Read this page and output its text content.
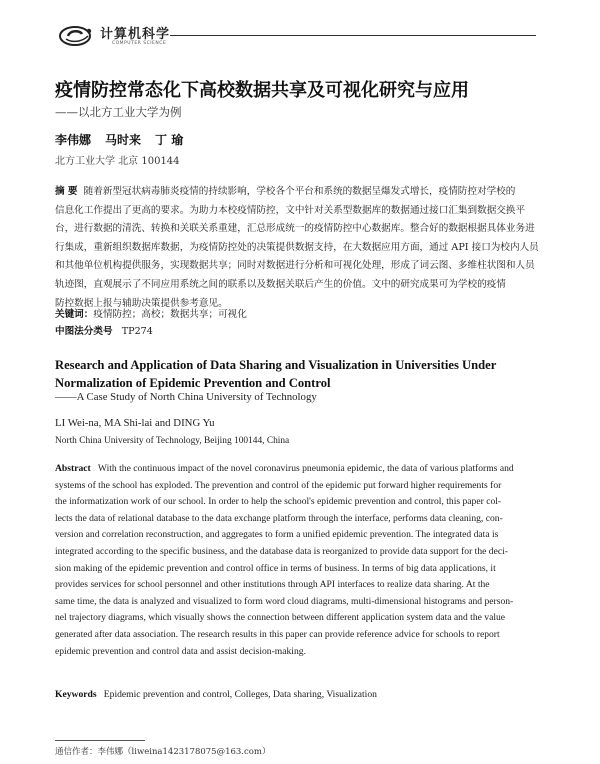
计算机科学
COMPUTER SCIENCE
疫情防控常态化下高校数据共享及可视化研究与应用
——以北方工业大学为例
李伟娜 马时来 丁 瑜
北方工业大学 北京 100144
摘 要 随着新型冠状病毒肺炎疫情的持续影响，学校各个平台和系统的数据呈爆发式增长，疫情防控对学校的
信息化工作提出了更高的要求。为助力本校疫情防控，文中针对关系型数据库的数据通过接口汇集到数据交换平
台，进行数据的清洗、转换和关联关系重建，汇总形成统一的疫情防控中心数据库。整合好的数据根据具体业务进
行集成，重新组织数据库数据，为疫情防控处的决策提供数据支持，在大数据应用方面，通过 API 接口为校内人员
和其他单位机构提供服务，实现数据共享；同时对数据进行分析和可视化处理，形成了词云图、多维柱状图和人员
轨迹图，直观展示了不同应用系统之间的联系以及数据关联后产生的价值。文中的研究成果可为学校的疫情
防控数据上报与辅助决策提供参考意见。
关键词：疫情防控；高校；数据共享；可视化
中图法分类号 TP274
Research and Application of Data Sharing and Visualization in Universities Under Normalization of Epidemic Prevention and Control
——A Case Study of North China University of Technology
LI Wei-na, MA Shi-lai and DING Yu
North China University of Technology, Beijing 100144, China
Abstract With the continuous impact of the novel coronavirus pneumonia epidemic, the data of various platforms and
systems of the school has exploded. The prevention and control of the epidemic put forward higher requirements for
the informatization work of our school. In order to help the school's epidemic prevention and control, this paper col-
lects the data of relational database to the data exchange platform through the interface, performs data cleaning, con-
version and correlation reconstruction, and aggregates to form a unified epidemic prevention. The integrated data is
integrated according to the specific business, and the database data is reorganized to provide data support for the deci-
sion making of the epidemic prevention and control office in terms of business. In terms of big data applications, it
provides services for school personnel and other institutions through API interfaces to realize data sharing. At the
same time, the data is analyzed and visualized to form word cloud diagrams, multi-dimensional histograms and person-
nel trajectory diagrams, which visually shows the connection between different application system data and the value
generated after data association. The research results in this paper can provide reference advice for schools to report
epidemic prevention and control data and assist decision-making.
Keywords Epidemic prevention and control, Colleges, Data sharing, Visualization
通信作者：李伟娜（liweina1423178075@163.com）
